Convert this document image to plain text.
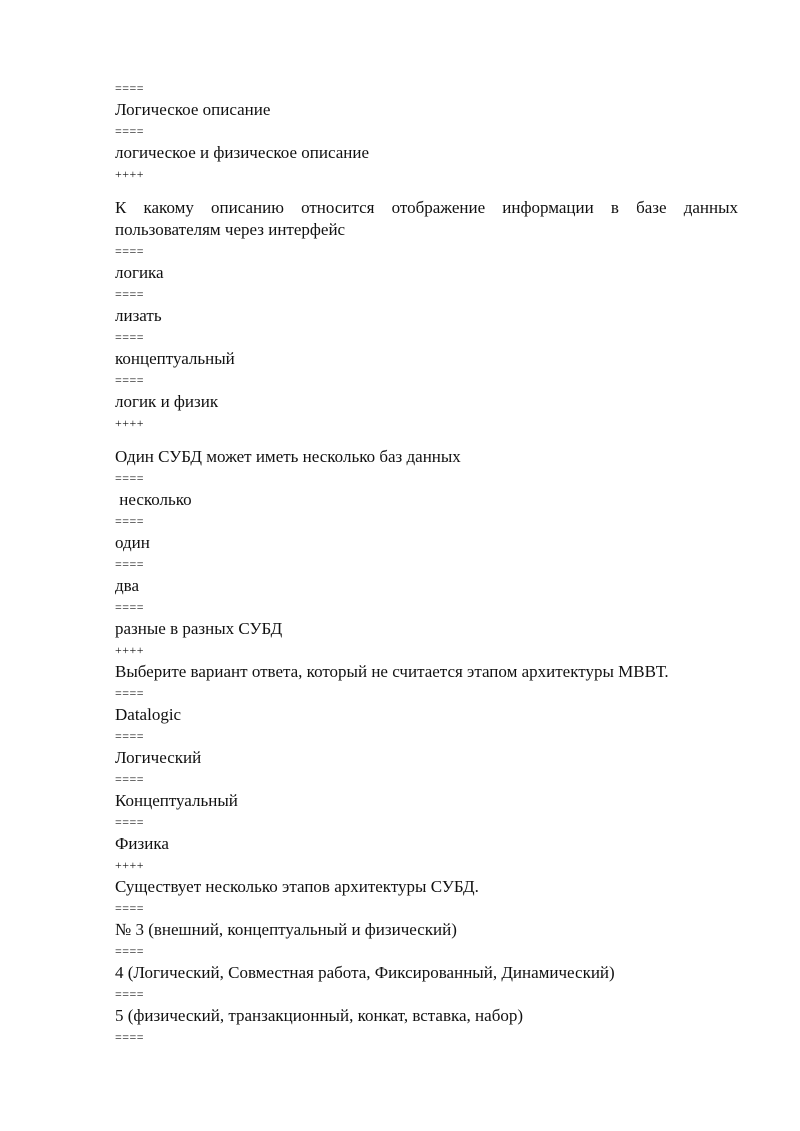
====
Логическое описание
====
логическое и физическое описание
++++
К какому описанию относится отображение информации в базе данных пользователям через интерфейс
====
логика
====
лизать
====
концептуальный
====
логик и физик
++++
Один СУБД может иметь несколько баз данных
====
несколько
====
один
====
два
====
разные в разных СУБД
++++
Выберите вариант ответа, который не считается этапом архитектуры МВВТ.
====
Datalogic
====
Логический
====
Концептуальный
====
Физика
++++
Существует несколько этапов архитектуры СУБД.
====
№ 3 (внешний, концептуальный и физический)
====
4 (Логический, Совместная работа, Фиксированный, Динамический)
====
5 (физический, транзакционный, конкат, вставка, набор)
====
